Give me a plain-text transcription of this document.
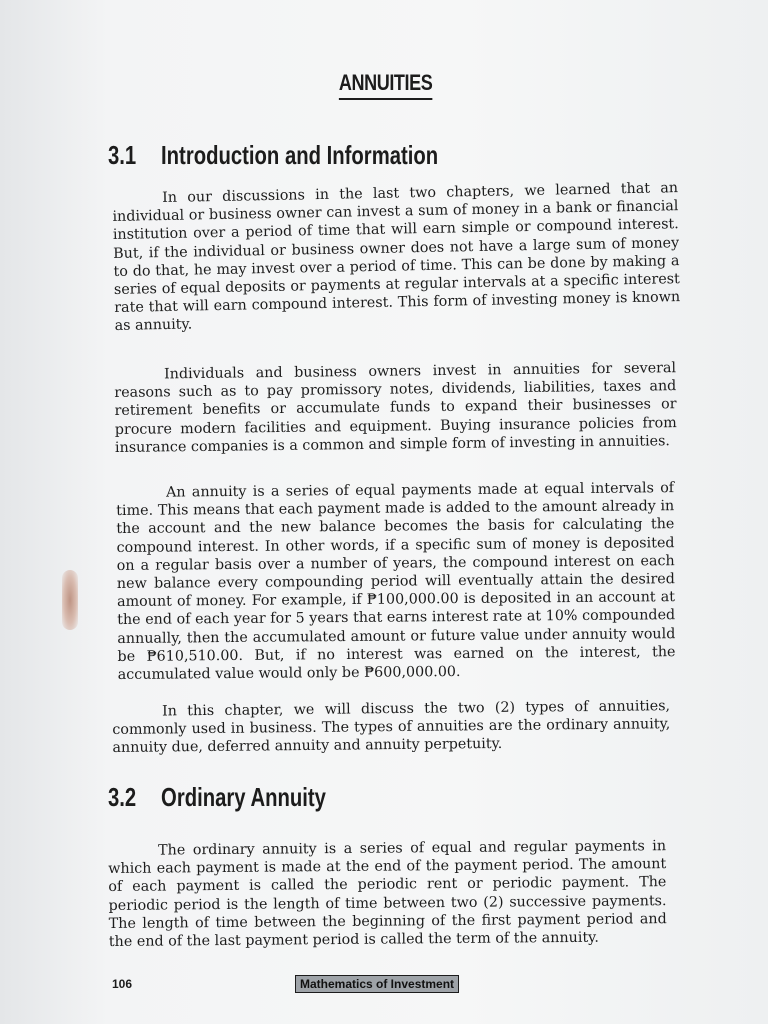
ANNUITIES
3.1 Introduction and Information

In our discussions in the last two chapters, we learned that an individual or business owner can invest a sum of money in a bank or financial institution over a period of time that will earn simple or compound interest. But, if the individual or business owner does not have a large sum of money to do that, he may invest over a period of time. This can be done by making a series of equal deposits or payments at regular intervals at a specific interest rate that will earn compound interest. This form of investing money is known as annuity.

Individuals and business owners invest in annuities for several reasons such as to pay promissory notes, dividends, liabilities, taxes and retirement benefits or accumulate funds to expand their businesses or procure modern facilities and equipment. Buying insurance policies from insurance companies is a common and simple form of investing in annuities.

An annuity is a series of equal payments made at equal intervals of time. This means that each payment made is added to the amount already in the account and the new balance becomes the basis for calculating the compound interest. In other words, if a specific sum of money is deposited on a regular basis over a number of years, the compound interest on each new balance every compounding period will eventually attain the desired amount of money. For example, if ₱100,000.00 is deposited in an account at the end of each year for 5 years that earns interest rate at 10% compounded annually, then the accumulated amount or future value under annuity would be ₱610,510.00. But, if no interest was earned on the interest, the accumulated value would only be ₱600,000.00.

In this chapter, we will discuss the two (2) types of annuities, commonly used in business. The types of annuities are the ordinary annuity, annuity due, deferred annuity and annuity perpetuity.

3.2 Ordinary Annuity

The ordinary annuity is a series of equal and regular payments in which each payment is made at the end of the payment period. The amount of each payment is called the periodic rent or periodic payment. The periodic period is the length of time between two (2) successive payments. The length of time between the beginning of the first payment period and the end of the last payment period is called the term of the annuity.

106	Mathematics of Investment
